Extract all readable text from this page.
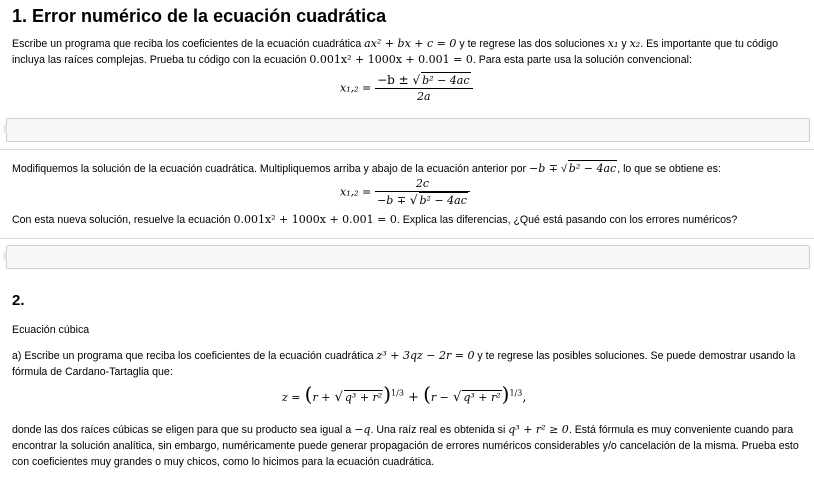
1. Error numérico de la ecuación cuadrática

Escribe un programa que reciba los coeficientes de la ecuación cuadrática ax² + bx + c = 0 y te regrese las dos soluciones x₁ y x₂. Es importante que tu código incluya las raíces complejas. Prueba tu código con la ecuación 0.001x² + 1000x + 0.001 = 0. Para esta parte usa la solución convencional:

$x_1,_2 = \frac{\text{−b ± √ b² − 4ac}}{2a}$

Modifiquemos la solución de la ecuación cuadrática. Multipliquemos arriba y abajo de la ecuación anterior por −b ∓ √ b² − 4ac, lo que se obtiene es:

$x_1,_2 = \frac{2c}{\text{−b ∓ √ b² − 4ac}}$

Con esta nueva solución, resuelve la ecuación 0.001x² + 1000x + 0.001 = 0. Explica las diferencias, ¿Qué está pasando con los errores numéricos?

2.

Ecuación cúbica

a) Escribe un programa que reciba los coeficientes de la ecuación cuadrática z³ + 3qz − 2r = 0 y te regrese las posibles soluciones. Se puede demostrar usando la fórmula de Cardano-Tartaglia que:

z = (r + √ q³ + r²)$^{1/3}$ + (r − √ q³ + r²)$^{1/3}$,

donde las dos raíces cúbicas se eligen para que su producto sea igual a −q. Una raíz real es obtenida si q³ + r² ≥ 0. Está fórmula es muy conveniente cuando para encontrar la solución analítica, sin embargo, numéricamente puede generar propagación de errores numéricos considerables y/o cancelación de la misma. Prueba esto con coeficientes muy grandes o muy chicos, como lo hicimos para la ecuación cuadrática.
